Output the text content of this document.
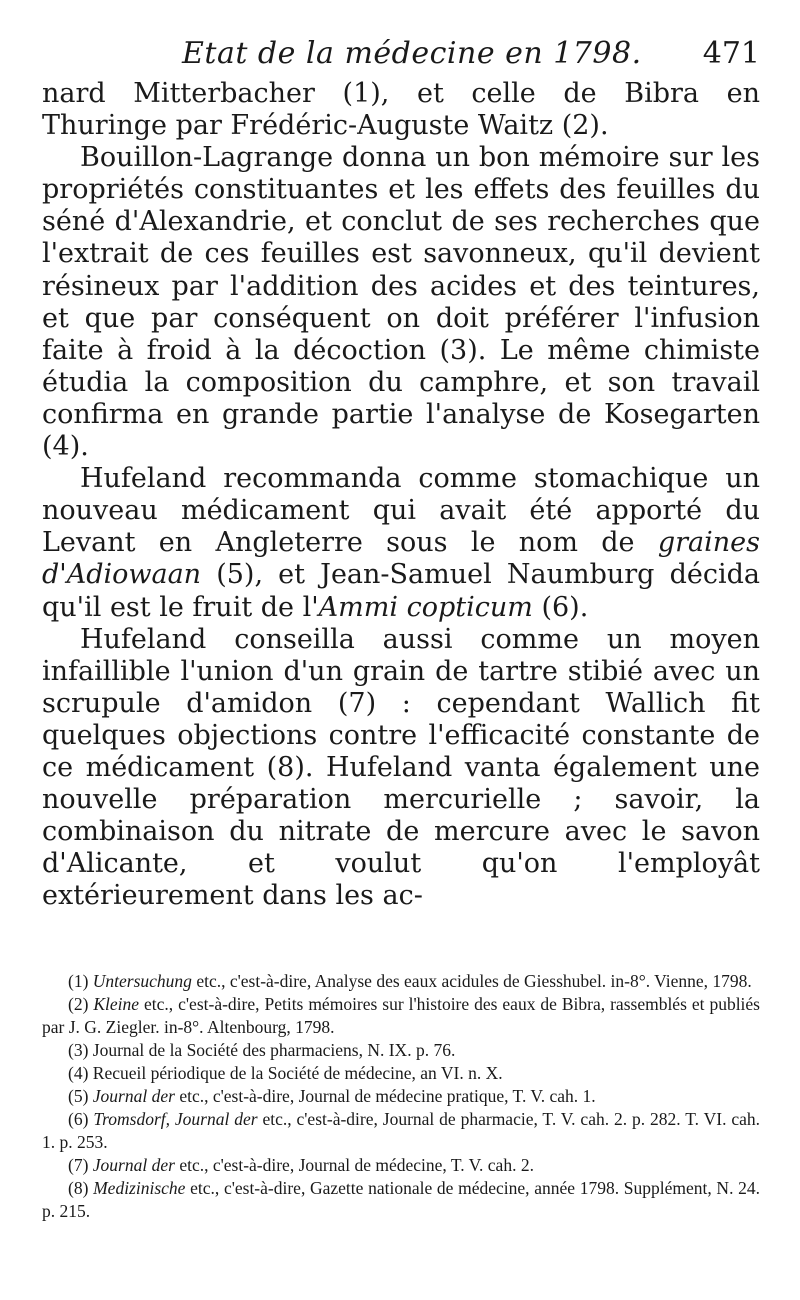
Etat de la médecine en 1798. 471

nard Mitterbacher (1), et celle de Bibra en Thuringe par Frédéric-Auguste Waitz (2).

Bouillon-Lagrange donna un bon mémoire sur les propriétés constituantes et les effets des feuilles du séné d'Alexandrie, et conclut de ses recherches que l'extrait de ces feuilles est savonneux, qu'il devient résineux par l'addition des acides et des teintures, et que par conséquent on doit préférer l'infusion faite à froid à la décoction (3). Le même chimiste étudia la composition du camphre, et son travail confirma en grande partie l'analyse de Kosegarten (4).

Hufeland recommanda comme stomachique un nouveau médicament qui avait été apporté du Levant en Angleterre sous le nom de graines d'Adiowaan (5), et Jean-Samuel Naumburg décida qu'il est le fruit de l'Ammi copticum (6).

Hufeland conseilla aussi comme un moyen infaillible l'union d'un grain de tartre stibié avec un scrupule d'amidon (7) : cependant Wallich fit quelques objections contre l'efficacité constante de ce médicament (8). Hufeland vanta également une nouvelle préparation mercurielle ; savoir, la combinaison du nitrate de mercure avec le savon d'Alicante, et voulut qu'on l'employât extérieurement dans les ac-

(1) Untersuchung etc., c'est-à-dire, Analyse des eaux acidules de Giesshubel. in-8°. Vienne, 1798.

(2) Kleine etc., c'est-à-dire, Petits mémoires sur l'histoire des eaux de Bibra, rassemblés et publiés par J. G. Ziegler. in-8°. Altenbourg, 1798.

(3) Journal de la Société des pharmaciens, N. IX. p. 76.

(4) Recueil périodique de la Société de médecine, an VI. n. X.

(5) Journal der etc., c'est-à-dire, Journal de médecine pratique, T. V. cah. 1.

(6) Tromsdorf, Journal der etc., c'est-à-dire, Journal de pharmacie, T. V. cah. 2. p. 282. T. VI. cah. 1. p. 253.

(7) Journal der etc., c'est-à-dire, Journal de médecine, T. V. cah. 2.

(8) Medizinische etc., c'est-à-dire, Gazette nationale de médecine, année 1798. Supplément, N. 24. p. 215.
